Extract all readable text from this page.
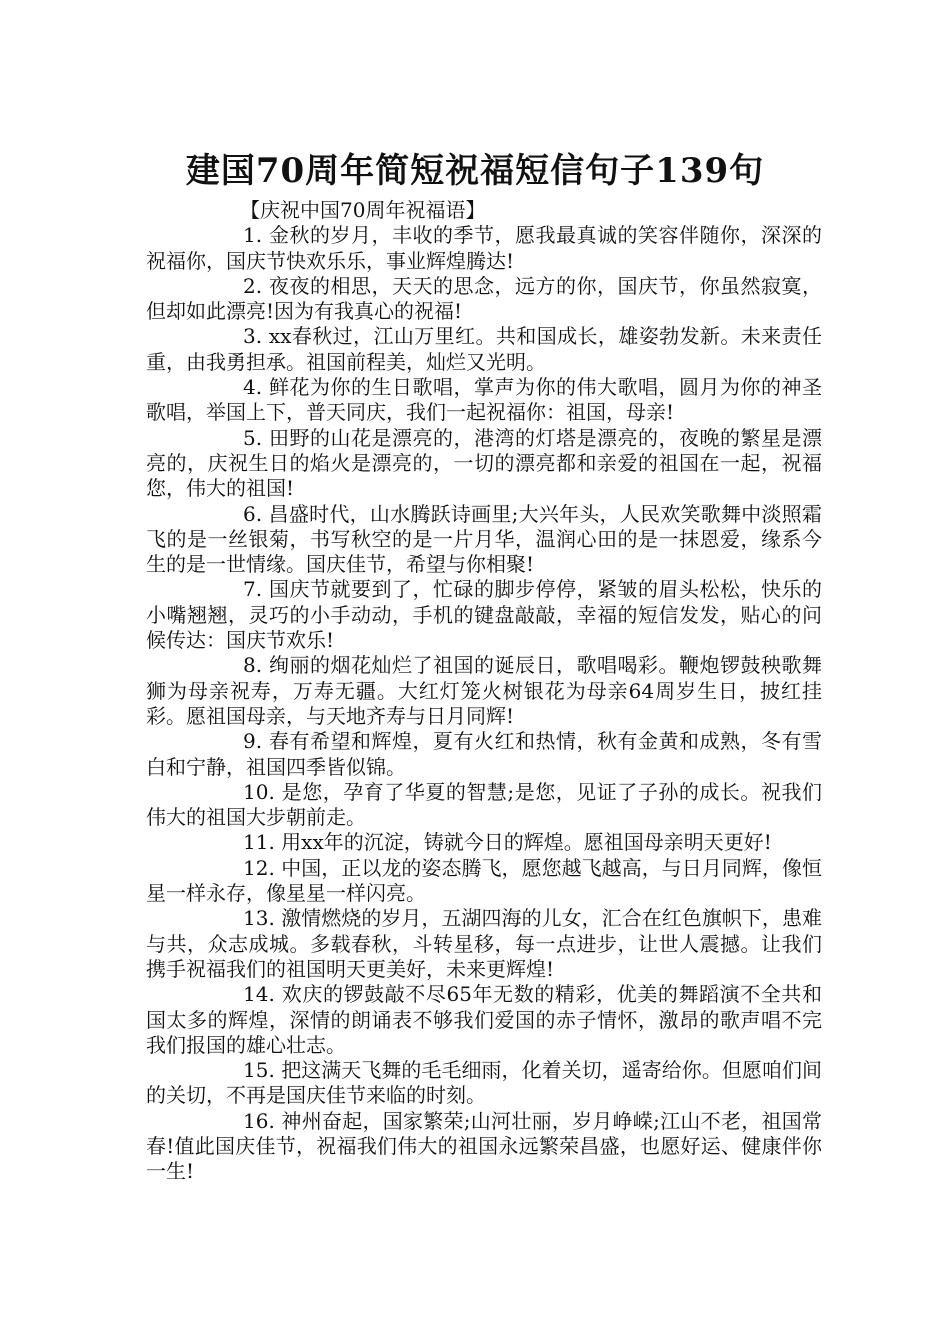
建国70周年简短祝福短信句子139句

【庆祝中国70周年祝福语】

1. 金秋的岁月，丰收的季节，愿我最真诚的笑容伴随你，深深的祝福你，国庆节快欢乐乐，事业辉煌腾达!

2. 夜夜的相思，天天的思念，远方的你，国庆节，你虽然寂寞，但却如此漂亮!因为有我真心的祝福!

3. xx春秋过，江山万里红。共和国成长，雄姿勃发新。未来责任重，由我勇担承。祖国前程美，灿烂又光明。

4. 鲜花为你的生日歌唱，掌声为你的伟大歌唱，圆月为你的神圣歌唱，举国上下，普天同庆，我们一起祝福你：祖国，母亲!

5. 田野的山花是漂亮的，港湾的灯塔是漂亮的，夜晚的繁星是漂亮的，庆祝生日的焰火是漂亮的，一切的漂亮都和亲爱的祖国在一起，祝福您，伟大的祖国!

6. 昌盛时代，山水腾跃诗画里;大兴年头，人民欢笑歌舞中淡照霜飞的是一丝银菊，书写秋空的是一片月华，温润心田的是一抹恩爱，缘系今生的是一世情缘。国庆佳节，希望与你相聚!

7. 国庆节就要到了，忙碌的脚步停停，紧皱的眉头松松，快乐的小嘴翘翘，灵巧的小手动动，手机的键盘敲敲，幸福的短信发发，贴心的问候传达：国庆节欢乐!

8. 绚丽的烟花灿烂了祖国的诞辰日，歌唱喝彩。鞭炮锣鼓秧歌舞狮为母亲祝寿，万寿无疆。大红灯笼火树银花为母亲64周岁生日，披红挂彩。愿祖国母亲，与天地齐寿与日月同辉!

9. 春有希望和辉煌，夏有火红和热情，秋有金黄和成熟，冬有雪白和宁静，祖国四季皆似锦。

10. 是您，孕育了华夏的智慧;是您，见证了子孙的成长。祝我们伟大的祖国大步朝前走。

11. 用xx年的沉淀，铸就今日的辉煌。愿祖国母亲明天更好!

12. 中国，正以龙的姿态腾飞，愿您越飞越高，与日月同辉，像恒星一样永存，像星星一样闪亮。

13. 激情燃烧的岁月，五湖四海的儿女，汇合在红色旗帜下，患难与共，众志成城。多载春秋，斗转星移，每一点进步，让世人震撼。让我们携手祝福我们的祖国明天更美好，未来更辉煌!

14. 欢庆的锣鼓敲不尽65年无数的精彩，优美的舞蹈演不全共和国太多的辉煌，深情的朗诵表不够我们爱国的赤子情怀，激昂的歌声唱不完我们报国的雄心壮志。

15. 把这满天飞舞的毛毛细雨，化着关切，遥寄给你。但愿咱们间的关切，不再是国庆佳节来临的时刻。

16. 神州奋起，国家繁荣;山河壮丽，岁月峥嵘;江山不老，祖国常春!值此国庆佳节，祝福我们伟大的祖国永远繁荣昌盛，也愿好运、健康伴你一生!
